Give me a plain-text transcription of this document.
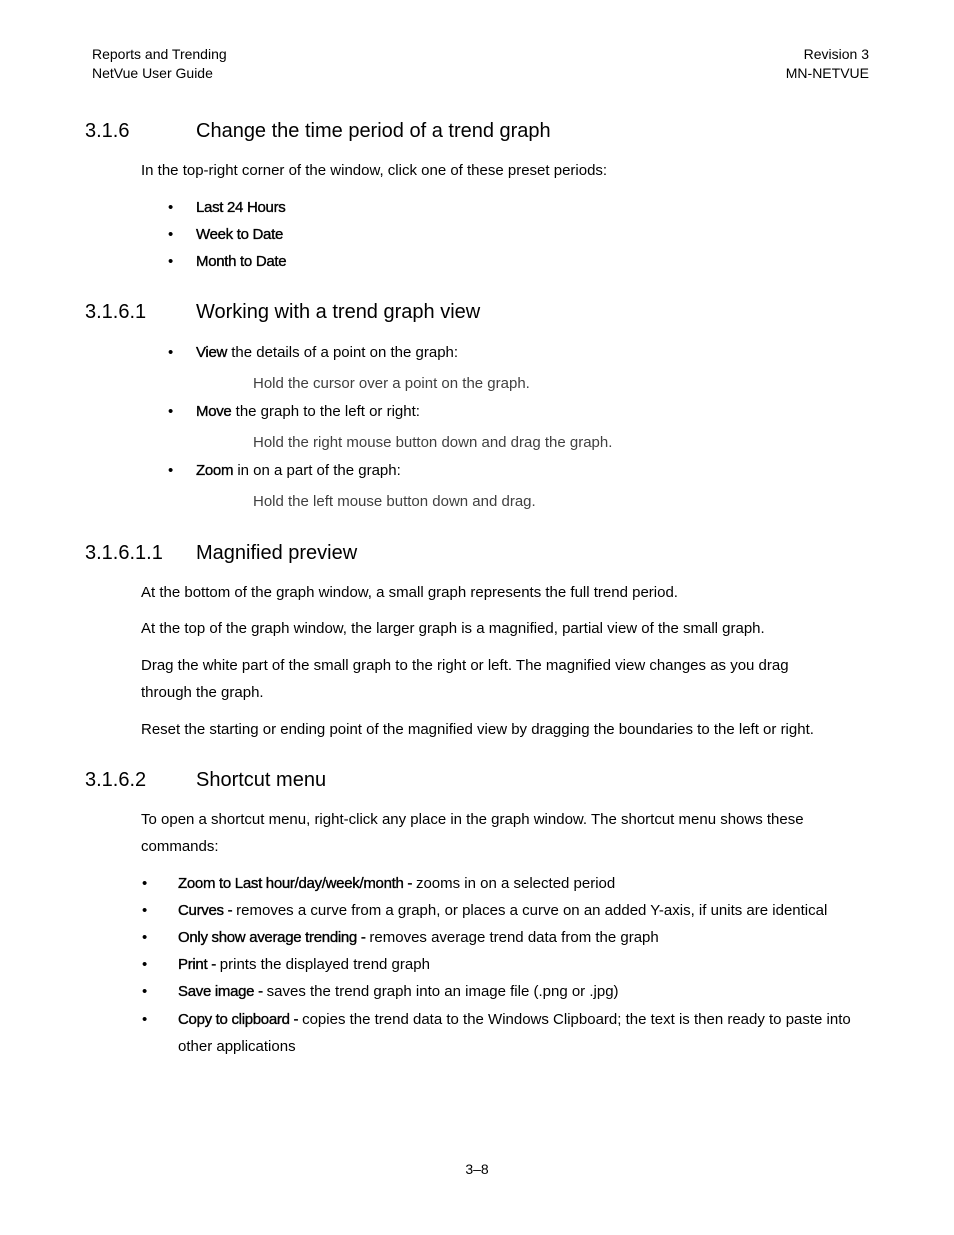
Reports and Trending
NetVue User Guide
Revision 3
MN-NETVUE
3.1.6	Change the time period of a trend graph
In the top-right corner of the window, click one of these preset periods:
• Last 24 Hours
• Week to Date
• Month to Date
3.1.6.1 Working with a trend graph view
• View the details of a point on the graph:
Hold the cursor over a point on the graph.
• Move the graph to the left or right:
Hold the right mouse button down and drag the graph.
• Zoom in on a part of the graph:
Hold the left mouse button down and drag.
3.1.6.1.1 Magnified preview
At the bottom of the graph window, a small graph represents the full trend period.
At the top of the graph window, the larger graph is a magnified, partial view of the small graph.
Drag the white part of the small graph to the right or left. The magnified view changes as you drag through the graph.
Reset the starting or ending point of the magnified view by dragging the boundaries to the left or right.
3.1.6.2 Shortcut menu
To open a shortcut menu, right-click any place in the graph window. The shortcut menu shows these commands:
• Zoom to Last hour/day/week/month - zooms in on a selected period
• Curves - removes a curve from a graph, or places a curve on an added Y-axis, if units are identical
• Only show average trending - removes average trend data from the graph
• Print - prints the displayed trend graph
• Save image - saves the trend graph into an image file (.png or .jpg)
• Copy to clipboard - copies the trend data to the Windows Clipboard; the text is then ready to paste into other applications
3–8
